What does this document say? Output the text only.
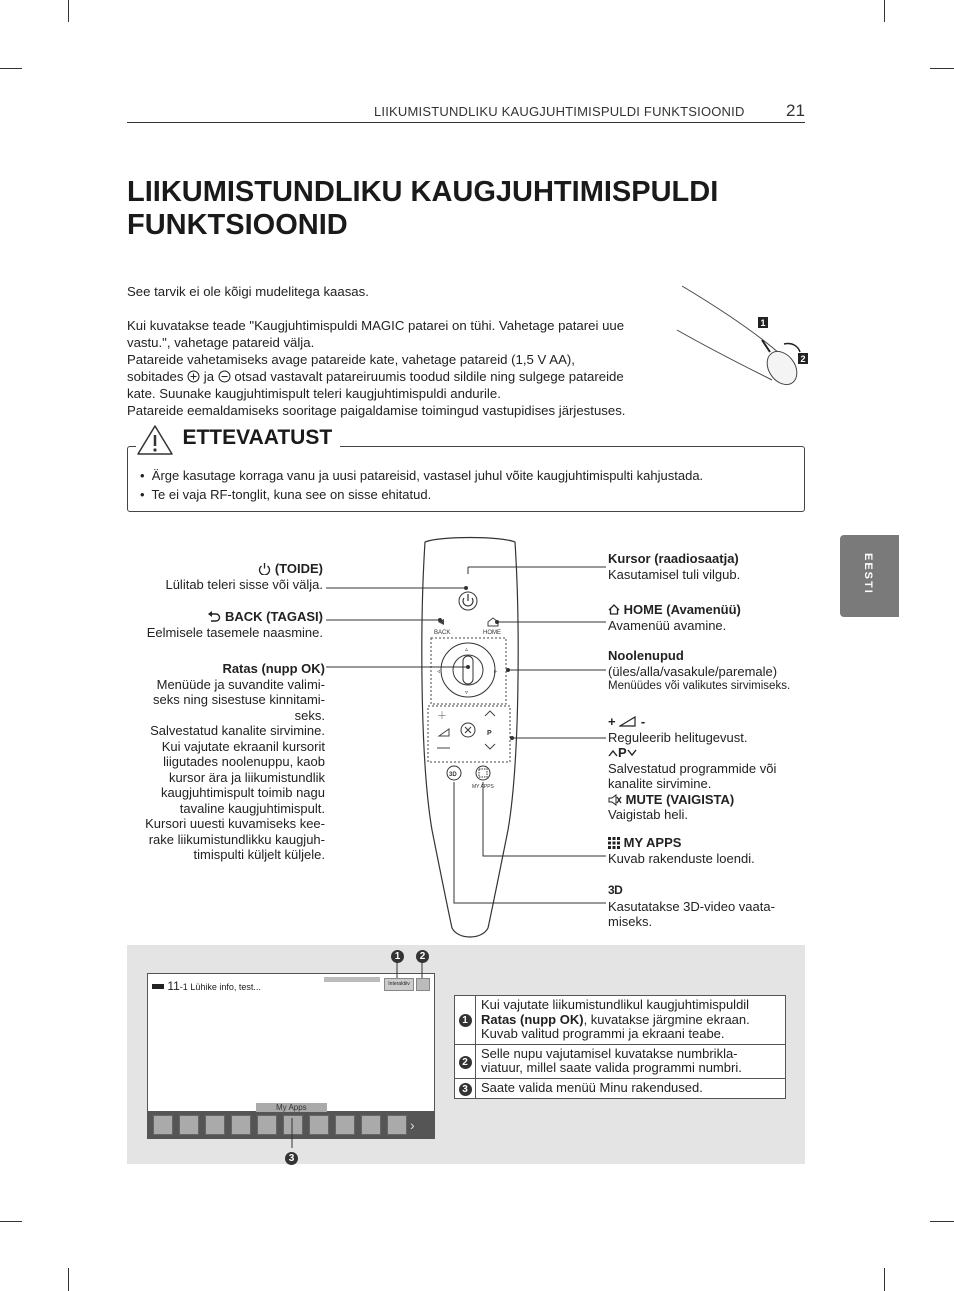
LIIKUMISTUNDLIKU KAUGJUHTIMISPULDI FUNKTSIOONID 21
EESTI
LIIKUMISTUNDLIKU KAUGJUHTIMISPULDI
FUNKTSIOONID
See tarvik ei ole kõigi mudelitega kaasas.
Kui kuvatakse teade "Kaugjuhtimispuldi MAGIC patarei on tühi. Vahetage patarei uue
vastu.", vahetage patareid välja.
Patareide vahetamiseks avage patareide kate, vahetage patareid (1,5 V AA),
sobitades ja otsad vastavalt patareiruumis toodud sildile ning sulgege patareide
kate. Suunake kaugjuhtimispult teleri kaugjuhtimispuldi andurile.
Patareide eemaldamiseks sooritage paigaldamise toimingud vastupidises järjestuses.
1
2
ETTEVAATUST
•  Ärge kasutage korraga vanu ja uusi patareisid, vastasel juhul võite kaugjuhtimispulti kahjustada.
•  Te ei vaja RF-tonglit, kuna see on sisse ehitatud.
BACK	HOME
▵
▿
◃	▹
＋
P
3D
MY APPS
(TOIDE)
Lülitab teleri sisse või välja.
BACK (TAGASI)
Eelmisele tasemele naasmine.
Ratas (nupp OK)
Menüüde ja suvandite valimi-
seks ning sisestuse kinnitami-
seks.
Salvestatud kanalite sirvimine.
Kui vajutate ekraanil kursorit
liigutades noolenuppu, kaob
kursor ära ja liikumistundlik
kaugjuhtimispult toimib nagu
tavaline kaugjuhtimispult.
Kursori uuesti kuvamiseks kee-
rake liikumistundlikku kaugjuh-
timispulti küljelt küljele.
Kursor (raadiosaatja)
Kasutamisel tuli vilgub.
HOME (Avamenüü)
Avamenüü avamine.
Noolenupud
(üles/alla/vasakule/paremale)
Menüüdes või valikutes sirvimiseks.
+ -
Reguleerib helitugevust.
P
Salvestatud programmide või
kanalite sirvimine.
MUTE (VAIGISTA)
Vaigistab heli.
MY APPS
Kuvab rakenduste loendi.
3D
Kasutatakse 3D-video vaata-
miseks.
11-1 Lühike info, test...	Interaktiiv
My Apps
›
1	2
3
1	Kui vajutate liikumistundlikul kaugjuhtimispuldil Ratas (nupp OK), kuvatakse järgmine ekraan. Kuvab valitud programmi ja ekraani teabe.
2	Selle nupu vajutamisel kuvatakse numbrikla- viatuur, millel saate valida programmi numbri.
3	Saate valida menüü Minu rakendused.
